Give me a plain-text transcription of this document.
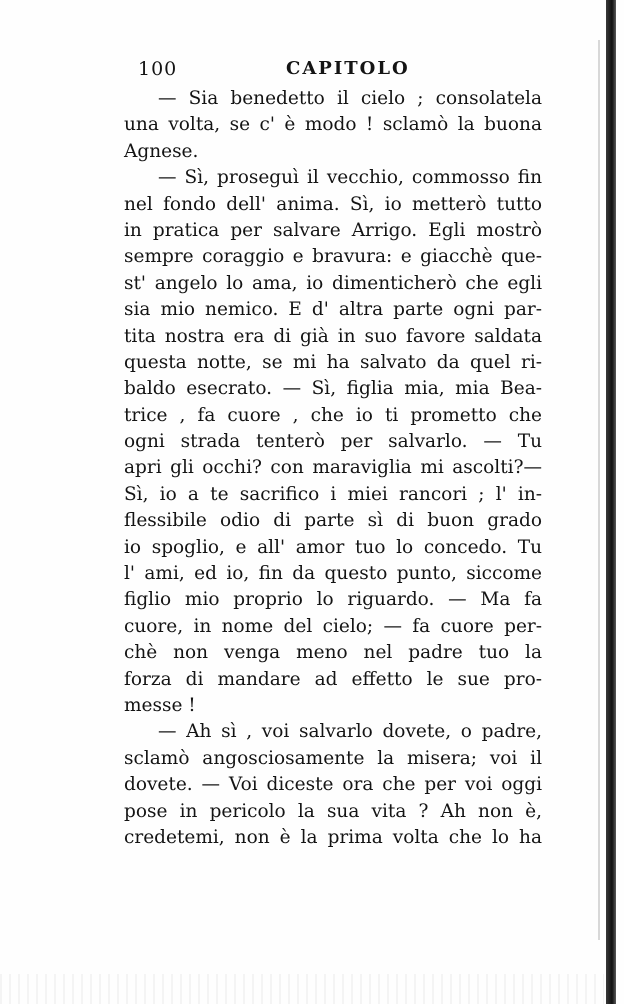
100	CAPITOLO
— Sia benedetto il cielo ; consolatela
una volta, se c' è modo ! sclamò la buona
Agnese.
— Sì, proseguì il vecchio, commosso fin
nel fondo dell' anima. Sì, io metterò tutto
in pratica per salvare Arrigo. Egli mostrò
sempre coraggio e bravura: e giacchè que-
st' angelo lo ama, io dimenticherò che egli
sia mio nemico. E d' altra parte ogni par-
tita nostra era di già in suo favore saldata
questa notte, se mi ha salvato da quel ri-
baldo esecrato. — Sì, figlia mia, mia Bea-
trice , fa cuore , che io ti prometto che
ogni strada tenterò per salvarlo. — Tu
apri gli occhi? con maraviglia mi ascolti?—
Sì, io a te sacrifico i miei rancori ; l' in-
flessibile odio di parte sì di buon grado
io spoglio, e all' amor tuo lo concedo. Tu
l' ami, ed io, fin da questo punto, siccome
figlio mio proprio lo riguardo. — Ma fa
cuore, in nome del cielo; — fa cuore per-
chè non venga meno nel padre tuo la
forza di mandare ad effetto le sue pro-
messe !
— Ah sì , voi salvarlo dovete, o padre,
sclamò angosciosamente la misera; voi il
dovete. — Voi diceste ora che per voi oggi
pose in pericolo la sua vita ? Ah non è,
credetemi, non è la prima volta che lo ha
